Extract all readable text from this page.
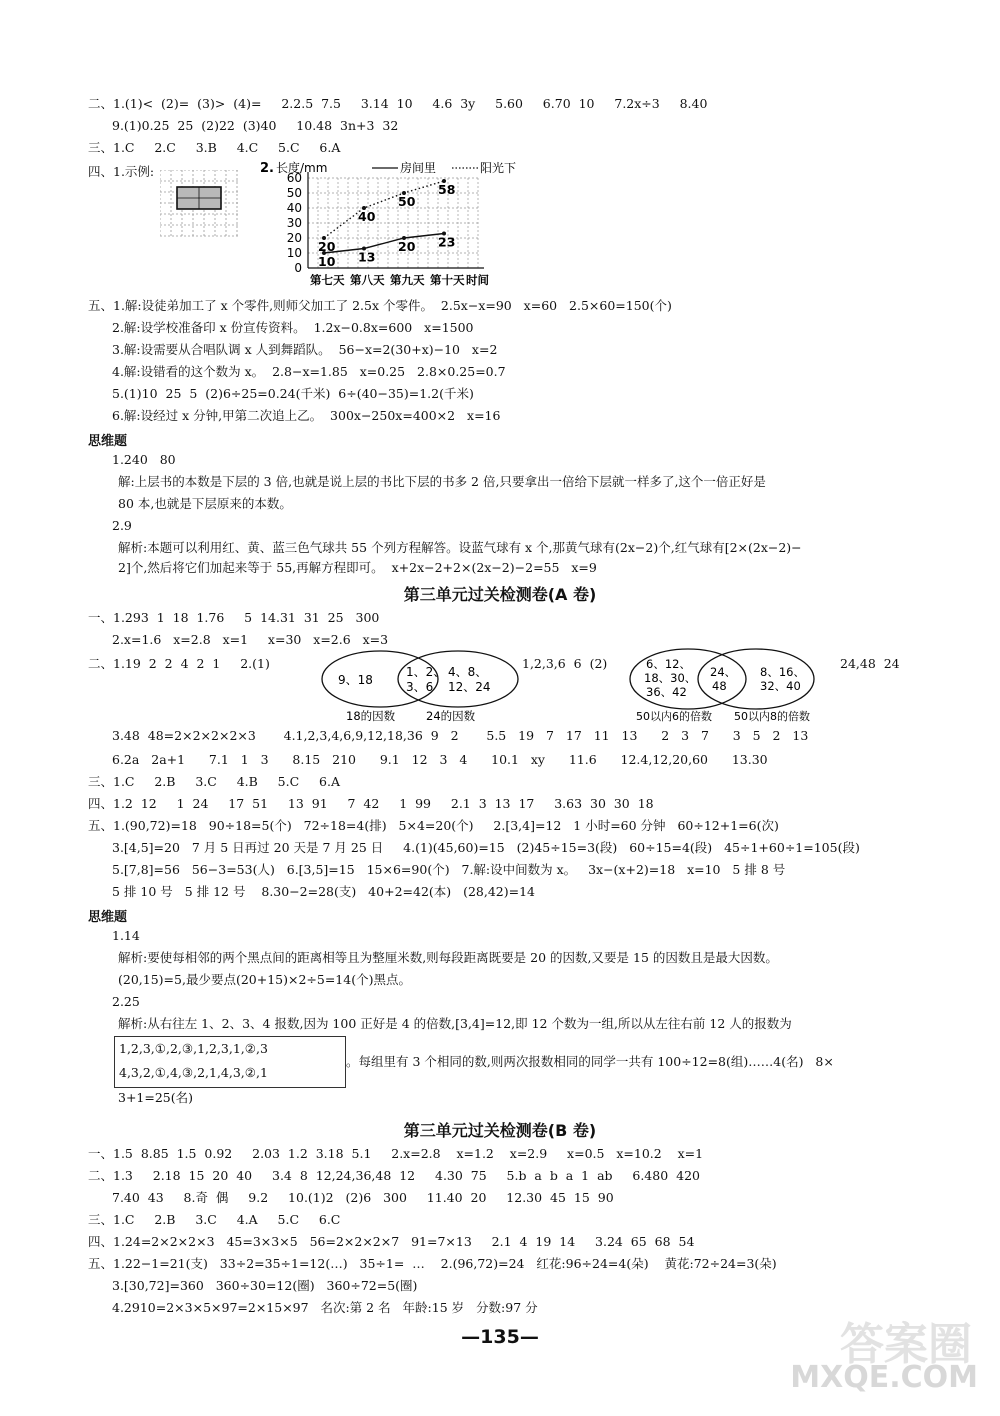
二、1.(1)<  (2)=  (3)>  (4)=     2.2.5  7.5     3.14  10     4.6  3y     5.60     6.70  10     7.2x÷3     8.40
9.(1)0.25  25  (2)22  (3)40     10.48  3n+3  32
三、1.C     2.C     3.B     4.C     5.C     6.A
四、1.示例:	2. 长度/mm	房间里	阳光下
0
10
20
30
40
50
60
第七天 第八天 第九天 第十天 时间
10 13
20 23
20
40
50
58
五、1.解:设徒弟加工了 x 个零件,则师父加工了 2.5x 个零件。  2.5x−x=90   x=60   2.5×60=150(个)
2.解:设学校准备印 x 份宣传资料。  1.2x−0.8x=600   x=1500
3.解:设需要从合唱队调 x 人到舞蹈队。  56−x=2(30+x)−10   x=2
4.解:设错看的这个数为 x。  2.8−x=1.85   x=0.25   2.8×0.25=0.7
5.(1)10  25  5  (2)6÷25=0.24(千米)  6÷(40−35)=1.2(千米)
6.解:设经过 x 分钟,甲第二次追上乙。  300x−250x=400×2   x=16
思维题
1.240   80
解:上层书的本数是下层的 3 倍,也就是说上层的书比下层的书多 2 倍,只要拿出一倍给下层就一样多了,这个一倍正好是
80 本,也就是下层原来的本数。
2.9
解析:本题可以利用红、黄、蓝三色气球共 55 个列方程解答。设蓝气球有 x 个,那黄气球有(2x−2)个,红气球有[2×(2x−2)−
2]个,然后将它们加起来等于 55,再解方程即可。  x+2x−2+2×(2x−2)−2=55   x=9
第三单元过关检测卷(A 卷)
一、1.293  1  18  1.76     5  14.31  31  25   300
2.x=1.6   x=2.8   x=1     x=30   x=2.6   x=3
二、1.19  2  2  4  2  1     2.(1)
9、18
1、2、
3、6
4、8、
12、24
18的因数	24的因数
1,2,3,6  6  (2)	6、12、
18、30、
36、42
24、
48
8、16、
32、40
50以内6的倍数 50以内8的倍数
24,48  24
3.48  48=2×2×2×2×3       4.1,2,3,4,6,9,12,18,36  9   2       5.5   19   7   17   11   13      2   3   7      3   5   2   13
6.2a   2a+1      7.1   1   3      8.15   210      9.1   12   3   4      10.1   xy      11.6      12.4,12,20,60      13.30
三、1.C     2.B     3.C     4.B     5.C     6.A
四、1.2  12     1  24     17  51     13  91     7  42     1  99     2.1  3  13  17     3.63  30  30  18
五、1.(90,72)=18   90÷18=5(个)   72÷18=4(排)   5×4=20(个)     2.[3,4]=12   1 小时=60 分钟   60÷12+1=6(次)
3.[4,5]=20   7 月 5 日再过 20 天是 7 月 25 日     4.(1)(45,60)=15   (2)45÷15=3(段)   60÷15=4(段)   45÷1+60÷1=105(段)
5.[7,8]=56   56−3=53(人)   6.[3,5]=15   15×6=90(个)   7.解:设中间数为 x。   3x−(x+2)=18   x=10   5 排 8 号
5 排 10 号   5 排 12 号    8.30−2=28(支)   40+2=42(本)   (28,42)=14
思维题
1.14
解析:要使每相邻的两个黑点间的距离相等且为整厘米数,则每段距离既要是 20 的因数,又要是 15 的因数且是最大因数。
(20,15)=5,最少要点(20+15)×2÷5=14(个)黑点。
2.25
解析:从右往左 1、2、3、4 报数,因为 100 正好是 4 的倍数,[3,4]=12,即 12 个数为一组,所以从左往右前 12 人的报数为
1,2,3,①,2,③,1,2,3,1,②,3
4,3,2,①,4,③,2,1,4,3,②,1
。每组里有 3 个相同的数,则两次报数相同的同学一共有 100÷12=8(组)……4(名)   8×
3+1=25(名)
第三单元过关检测卷(B 卷)
一、1.5  8.85  1.5  0.92     2.03  1.2  3.18  5.1     2.x=2.8    x=1.2    x=2.9     x=0.5   x=10.2    x=1
二、1.3     2.18  15  20  40     3.4  8  12,24,36,48  12     4.30  75     5.b  a  b  a  1  ab     6.480  420
7.40  43     8.奇  偶     9.2     10.(1)2   (2)6   300     11.40  20     12.30  45  15  90
三、1.C     2.B     3.C     4.A     5.C     6.C
四、1.24=2×2×2×3   45=3×3×5   56=2×2×2×7   91=7×13     2.1  4  19  14     3.24  65  68  54
五、1.22−1=21(支)   33÷2=35÷1=12(…)   35÷1=  …    2.(96,72)=24   红花:96÷24=4(朵)    黄花:72÷24=3(朵)
3.[30,72]=360   360÷30=12(圈)   360÷72=5(圈)
4.2910=2×3×5×97=2×15×97   名次:第 2 名   年龄:15 岁   分数:97 分
—135—	答案圈
MXQE.COM
